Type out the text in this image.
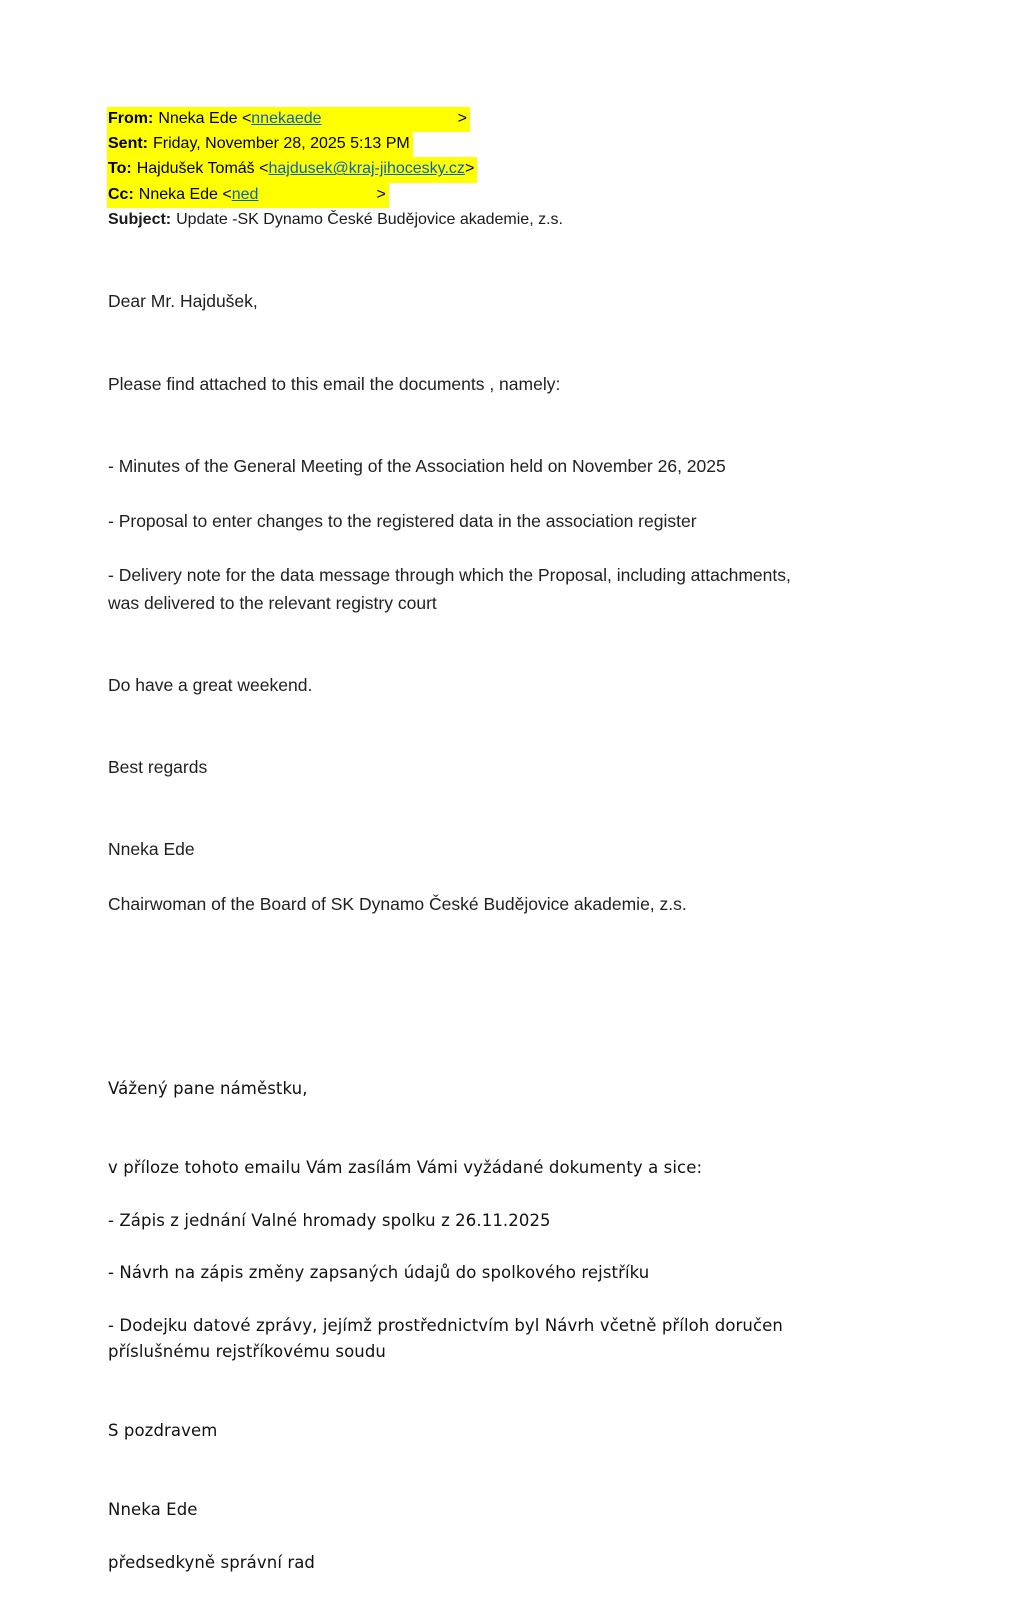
From: Nneka Ede <nnekaede	>
Sent: Friday, November 28, 2025 5:13 PM
To: Hajdušek Tomáš <hajdusek@kraj-jihocesky.cz>
Cc: Nneka Ede <ned	>
Subject: Update -SK Dynamo České Budějovice akademie, z.s.

Dear Mr. Hajdušek,

Please find attached to this email the documents , namely:

- Minutes of the General Meeting of the Association held on November 26, 2025

- Proposal to enter changes to the registered data in the association register

- Delivery note for the data message through which the Proposal, including attachments,
was delivered to the relevant registry court

Do have a great weekend.

Best regards

Nneka Ede

Chairwoman of the Board of SK Dynamo České Budějovice akademie, z.s.

Vážený pane náměstku,

v příloze tohoto emailu Vám zasílám Vámi vyžádané dokumenty a sice:

- Zápis z jednání Valné hromady spolku z 26.11.2025

- Návrh na zápis změny zapsaných údajů do spolkového rejstříku

- Dodejku datové zprávy, jejímž prostřednictvím byl Návrh včetně příloh doručen
příslušnému rejstříkovému soudu

S pozdravem

Nneka Ede

předsedkyně správní rad
